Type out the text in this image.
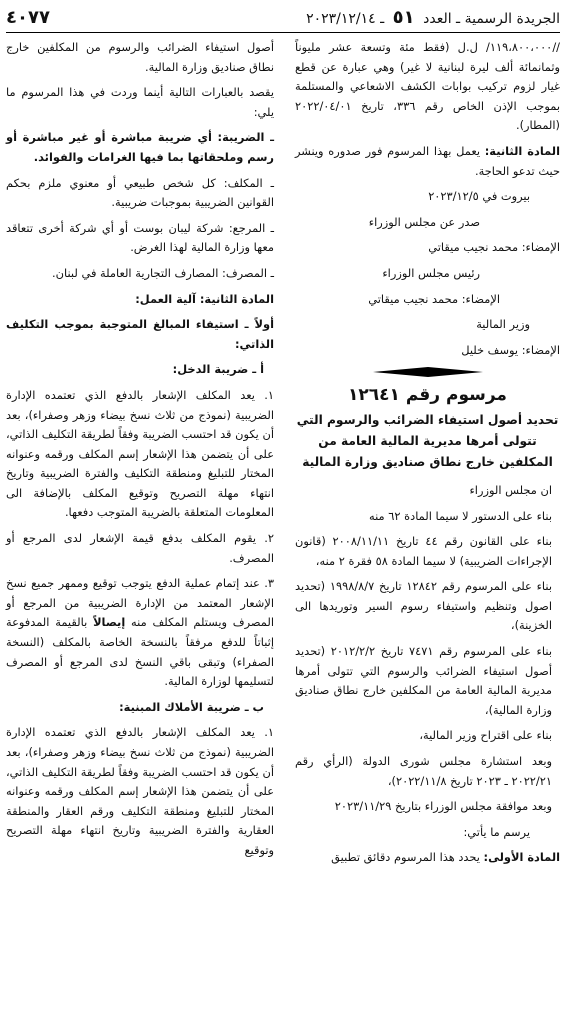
الجريدة الرسمية ـ العدد ٥١ ـ ٢٠٢٣/١٢/١٤
٤٠٧٧

//١١٩،٨٠٠،٠٠٠/ ل.ل (فقط مئة وتسعة عشر مليوناً وثمانمائة ألف ليرة لبنانية لا غير) وهي عبارة عن قطع غيار لزوم تركيب بوابات الكشف الاشعاعي والمستلمة بموجب الإذن الخاص رقم ٣٣٦، تاريخ ٢٠٢٢/٠٤/٠١ (المطار).

المادة الثانية: يعمل بهذا المرسوم فور صدوره وينشر حيث تدعو الحاجة.

بيروت في ٢٠٢٣/١٢/٥

صدر عن مجلس الوزراء

الإمضاء: محمد نجيب ميقاتي

رئيس مجلس الوزراء

الإمضاء: محمد نجيب ميقاتي

وزير المالية

الإمضاء: يوسف خليل

مرسوم رقم ١٢٦٤١
تحديد أصول استيفاء الضرائب والرسوم التي تتولى أمرها مديرية المالية العامة من المكلفين خارج نطاق صناديق وزارة المالية

ان مجلس الوزراء

بناء على الدستور لا سيما المادة ٦٢ منه

بناء على القانون رقم ٤٤ تاريخ ٢٠٠٨/١١/١١ (قانون الإجراءات الضريبية) لا سيما المادة ٥٨ فقرة ٢ منه،

بناء على المرسوم رقم ١٢٨٤٢ تاريخ ١٩٩٨/٨/٧ (تحديد اصول وتنظيم واستيفاء رسوم السير وتوريدها الى الخزينة)،

بناء على المرسوم رقم ٧٤٧١ تاريخ ٢٠١٢/٢/٢ (تحديد أصول استيفاء الضرائب والرسوم التي تتولى أمرها مديرية المالية العامة من المكلفين خارج نطاق صناديق وزارة المالية)،

بناء على اقتراح وزير المالية،

وبعد استشارة مجلس شورى الدولة (الرأي رقم ٢٠٢٢/٢١ ـ ٢٠٢٣ تاريخ ٢٠٢٢/١١/٨)،

وبعد موافقة مجلس الوزراء بتاريخ ٢٠٢٣/١١/٢٩

يرسم ما يأتي:

المادة الأولى: يحدد هذا المرسوم دقائق تطبيق

أصول استيفاء الضرائب والرسوم من المكلفين خارج نطاق صناديق وزارة المالية.

يقصد بالعبارات التالية أينما وردت في هذا المرسوم ما يلي:

ـ الضريبة: أي ضريبة مباشرة أو غير مباشرة أو رسم وملحقاتها بما فيها الغرامات والفوائد.

ـ المكلف: كل شخص طبيعي أو معنوي ملزم بحكم القوانين الضريبية بموجبات ضريبية.

ـ المرجع: شركة ليبان بوست أو أي شركة أخرى تتعاقد معها وزارة المالية لهذا الغرض.

ـ المصرف: المصارف التجارية العاملة في لبنان.

المادة الثانية: آلية العمل:

أولاً ـ استيفاء المبالغ المتوجبة بموجب التكليف الذاتي:

أ ـ ضريبة الدخل:

١. يعد المكلف الإشعار بالدفع الذي تعتمده الإدارة الضريبية (نموذج من ثلاث نسخ بيضاء وزهر وصفراء)، بعد أن يكون قد احتسب الضريبة وفقاً لطريقة التكليف الذاتي، على أن يتضمن هذا الإشعار إسم المكلف ورقمه وعنوانه المختار للتبليغ ومنطقة التكليف والفترة الضريبية وتاريخ انتهاء مهلة التصريح وتوقيع المكلف بالإضافة الى المعلومات المتعلقة بالضريبة المتوجب دفعها.

٢. يقوم المكلف بدفع قيمة الإشعار لدى المرجع أو المصرف.

٣. عند إتمام عملية الدفع يتوجب توقيع وممهر جميع نسخ الإشعار المعتمد من الإدارة الضريبية من المرجع أو المصرف ويستلم المكلف منه إيصالاً بالقيمة المدفوعة إثباتاً للدفع مرفقاً بالنسخة الخاصة بالمكلف (النسخة الصفراء) وتبقى باقي النسخ لدى المرجع أو المصرف لتسليمها لوزارة المالية.

ب ـ ضريبة الأملاك المبنية:

١. يعد المكلف الإشعار بالدفع الذي تعتمده الإدارة الضريبية (نموذج من ثلاث نسخ بيضاء وزهر وصفراء)، بعد أن يكون قد احتسب الضريبة وفقاً لطريقة التكليف الذاتي، على أن يتضمن هذا الإشعار إسم المكلف ورقمه وعنوانه المختار للتبليغ ومنطقة التكليف ورقم العقار والمنطقة العقارية والفترة الضريبية وتاريخ انتهاء مهلة التصريح وتوقيع
